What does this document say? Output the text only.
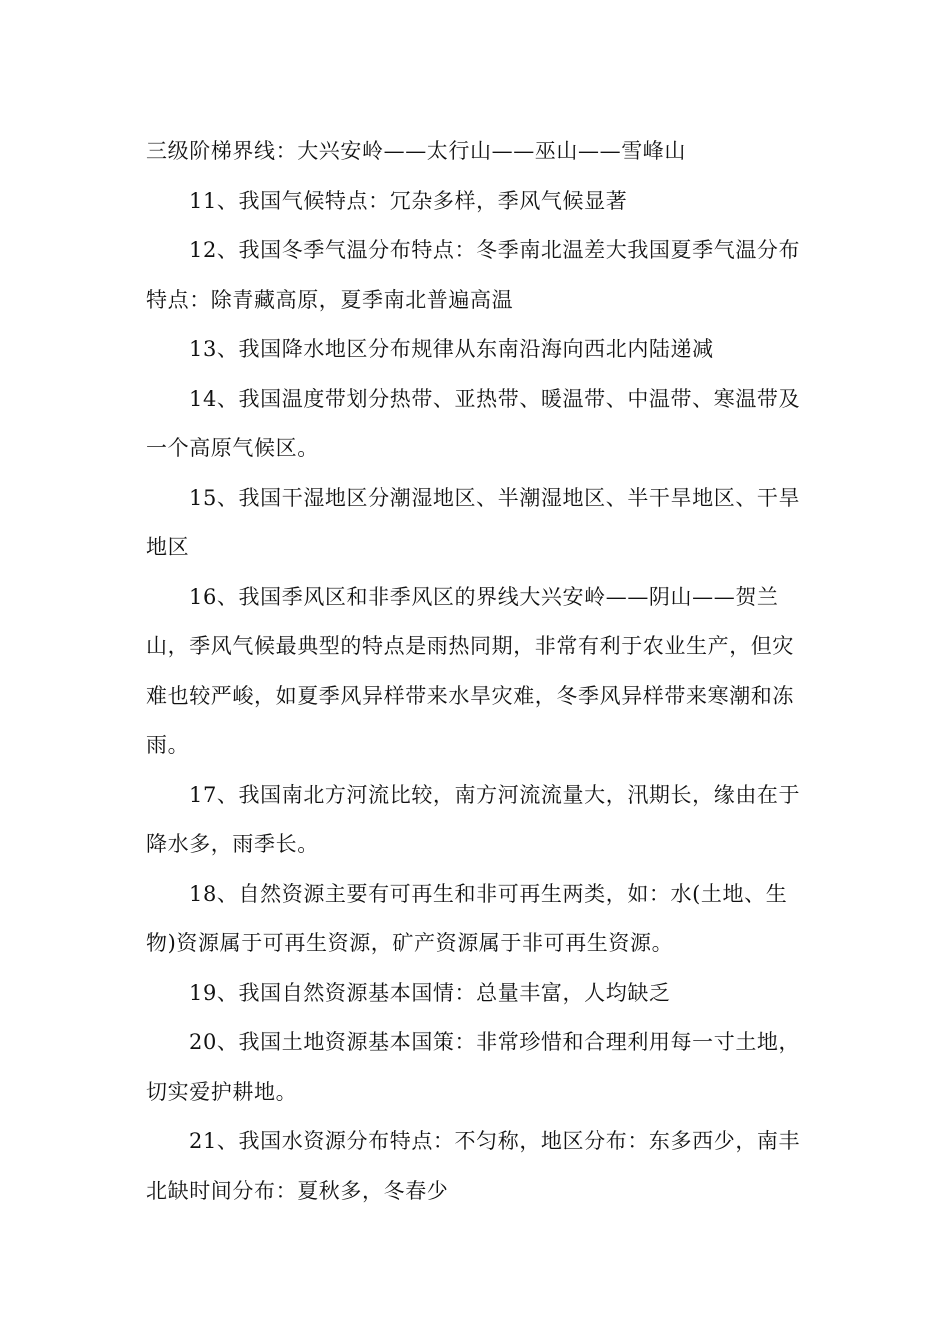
三级阶梯界线：大兴安岭——太行山——巫山——雪峰山

11、我国气候特点：冗杂多样，季风气候显著

12、我国冬季气温分布特点：冬季南北温差大我国夏季气温分布特点：除青藏高原，夏季南北普遍高温

13、我国降水地区分布规律从东南沿海向西北内陆递减

14、我国温度带划分热带、亚热带、暖温带、中温带、寒温带及一个高原气候区。

15、我国干湿地区分潮湿地区、半潮湿地区、半干旱地区、干旱地区

16、我国季风区和非季风区的界线大兴安岭——阴山——贺兰山，季风气候最典型的特点是雨热同期，非常有利于农业生产，但灾难也较严峻，如夏季风异样带来水旱灾难，冬季风异样带来寒潮和冻雨。

17、我国南北方河流比较，南方河流流量大，汛期长，缘由在于降水多，雨季长。

18、自然资源主要有可再生和非可再生两类，如：水(土地、生物)资源属于可再生资源，矿产资源属于非可再生资源。

19、我国自然资源基本国情：总量丰富，人均缺乏

20、我国土地资源基本国策：非常珍惜和合理利用每一寸土地，切实爱护耕地。

21、我国水资源分布特点：不匀称，地区分布：东多西少，南丰北缺时间分布：夏秋多，冬春少
